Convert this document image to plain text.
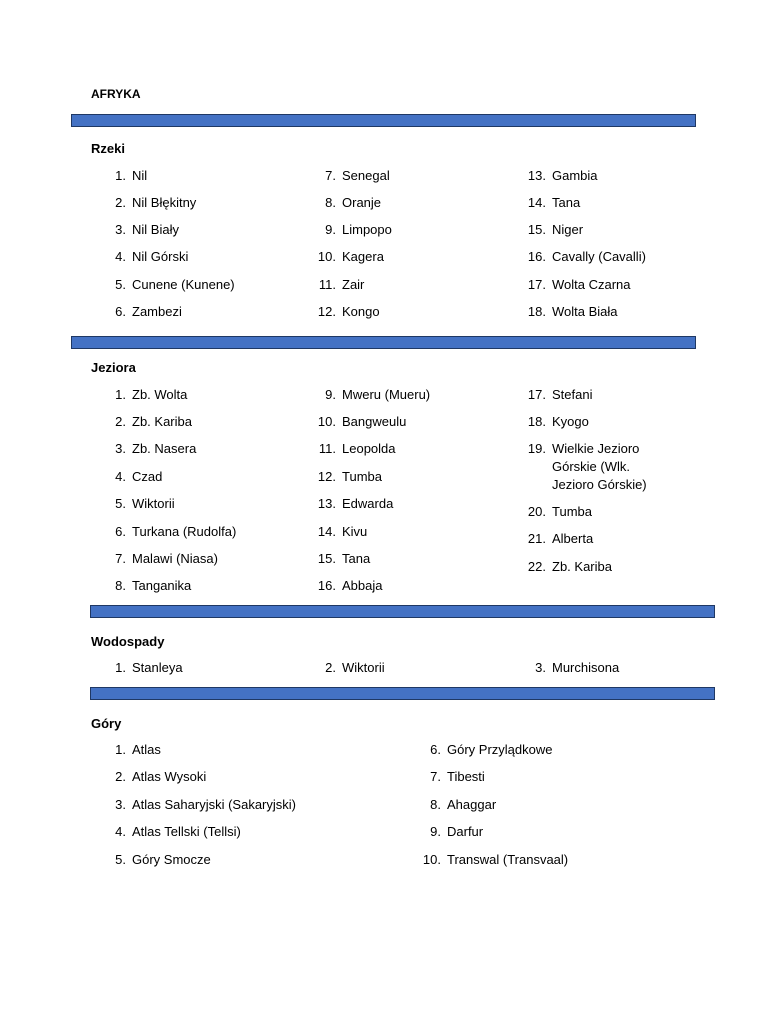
AFRYKA
Rzeki
1. Nil
2. Nil Błękitny
3. Nil Biały
4. Nil Górski
5. Cunene (Kunene)
6. Zambezi
7. Senegal
8. Oranje
9. Limpopo
10. Kagera
11. Zair
12. Kongo
13. Gambia
14. Tana
15. Niger
16. Cavally (Cavalli)
17. Wolta Czarna
18. Wolta Biała
Jeziora
1. Zb. Wolta
2. Zb. Kariba
3. Zb. Nasera
4. Czad
5. Wiktorii
6. Turkana (Rudolfa)
7. Malawi (Niasa)
8. Tanganika
9. Mweru (Mueru)
10. Bangweulu
11. Leopolda
12. Tumba
13. Edwarda
14. Kivu
15. Tana
16. Abbaja
17. Stefani
18. Kyogo
19. Wielkie Jezioro Górskie (Wlk. Jezioro Górskie)
20. Tumba
21. Alberta
22. Zb. Kariba
Wodospady
1. Stanleya	2. Wiktorii	3. Murchisona
Góry
1. Atlas
2. Atlas Wysoki
3. Atlas Saharyjski (Sakaryjski)
4. Atlas Tellski (Tellsi)
5. Góry Smocze
6. Góry Przylądkowe
7. Tibesti
8. Ahaggar
9. Darfur
10. Transwal (Transvaal)
